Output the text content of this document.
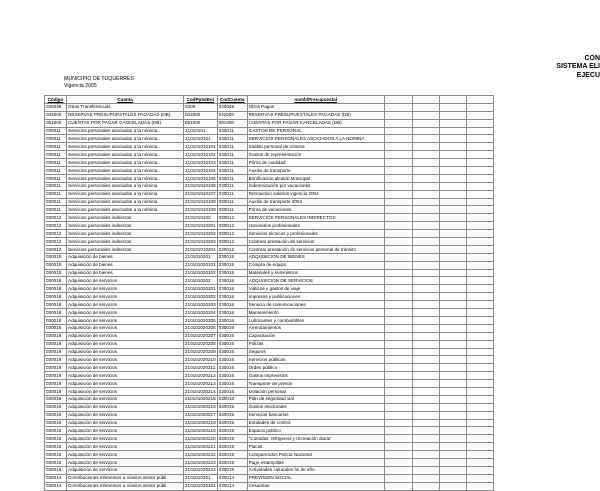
CON
SISTEMA ELI
EJECU
MUNICIPIO DE TUQUERRES
Vigencia 2005
Código	Cuenta	CodPptalEnt	CodCuenta	nomb/Presupuestal				
030048	Otras Transferencias	0309	030048	Otros Pagos				
042000	RESERVAS PRESUPUESTALES PAGADAS (DB)	042000	042000	RESERVAS PRESUPUESTALES PAGADAS (DB)				
051000	CUENTAS POR PAGAR CANCELADAS (DB)	051000	051000	CUENTAS POR PAGAR CANCELADAS (DB)				
030011	Servicios personales asociados a la nómina	21010101	030011	GASTOS DE PERSONAL				
030011	Servicios personales asociados a la nómina	2101010101	030011	SERVICIOS PERSONALES ASOCIADOS A LA NOMINA				
030011	Servicios personales asociados a la nómina	210101010101	030011	Sueldo personal de nómina				
030011	Servicios personales asociados a la nómina	210101010102	030011	Gastos de representación				
030011	Servicios personales asociados a la nómina	210101010103	030011	Prima de cualidad				
030011	Servicios personales asociados a la nómina	210101010104	030011	Auxilio de transporte				
030011	Servicios personales asociados a la nómina	210101010105	030011	Bonificación alcalde Municipal				
030011	Servicios personales asociados a la nómina	210101010106	030011	Indemnización por vacaciones				
030011	Servicios personales asociados a la nómina	210101010107	030011	Retroactivo salarios vigencia 2004				
030011	Servicios personales asociados a la nómina	210101010108	030011	Auxilio de transporte 2004				
030011	Servicios personales asociados a la nómina	210101010109	030011	Prima de vacaciones				
030012	Servicios personales indirectos	2101010102	030012	SERVICIOS PERSONALES INDIRECTOS				
030012	Servicios personales indirectos	210101010201	030012	Honorarios profesionales				
030012	Servicios personales indirectos	210101010202	030012	Servicios técnicos y profesionales				
030012	Servicios personales indirectos	210101010203	030012	Contrato prestación de servicios				
030012	Servicios personales indirectos	210101010204	030012	Contrato prestación de servicios personal de tránsito				
030015	Adquisición de bienes	2101010201	030015	ADQUISICION DE BIENES				
030015	Adquisición de bienes	210101020101	030015	Compra de equipo				
030015	Adquisición de bienes	210101020102	030015	Materiales y suministros				
030016	Adquisición de servicios	2101010202	030016	ADQUISICION DE SERVICIOS				
030016	Adquisición de servicios	210101020201	030016	Viáticos y gastos de viaje				
030016	Adquisición de servicios	210101020202	030016	Impresos y publicaciones				
030016	Adquisición de servicios	210101020203	030016	Servicio de comunicaciones				
030016	Adquisición de servicios	210101020204	030016	Mantenimiento				
030016	Adquisición de servicios	210101020205	030016	Lubricantes y combustibles				
030016	Adquisición de servicios	210101020206	030016	Arrendamientos				
030016	Adquisición de servicios	210101020207	030016	Capacitación				
030016	Adquisición de servicios	210101020208	030016	Pólizas				
030016	Adquisición de servicios	210101020209	030016	Seguros				
030016	Adquisición de servicios	210101020210	030016	Servicios públicos				
030016	Adquisición de servicios	210101020211	030016	Orden público				
030016	Adquisición de servicios	210101020212	030016	Gastos imprevistos				
030016	Adquisición de servicios	210101020213	030016	Transporte de presos				
030016	Adquisición de servicios	210101020214	030016	Dotación personal				
030016	Adquisición de servicios	210101020215	030016	Plan de seguridad vial				
030016	Adquisición de servicios	210101020216	030016	Gastos electorales				
030016	Adquisición de servicios	210101020217	030016	Servicios bancarios				
030016	Adquisición de servicios	210101020218	030016	Entidades de control				
030016	Adquisición de servicios	210101020219	030016	Espacio público				
030016	Adquisición de servicios	210101020220	030016	"Comidas, refrigerios y recreación diaria"				
030016	Adquisición de servicios	210101020221	030016	Placas				
030016	Adquisición de servicios	210101020222	030016	Comparendos Policía Nacional				
030016	Adquisición de servicios	210101020223	030016	Pago estampillas				
030016	Adquisición de servicios	210101020224	030016	Actividades culturales fin de año				
030014	Contribuciones inherentes a nómina sector públi	2101010301	030014	PREVISION SOCIAL				
030014	Contribuciones inherentes a nómina sector públi	210101030101	030014	Cesantías				
